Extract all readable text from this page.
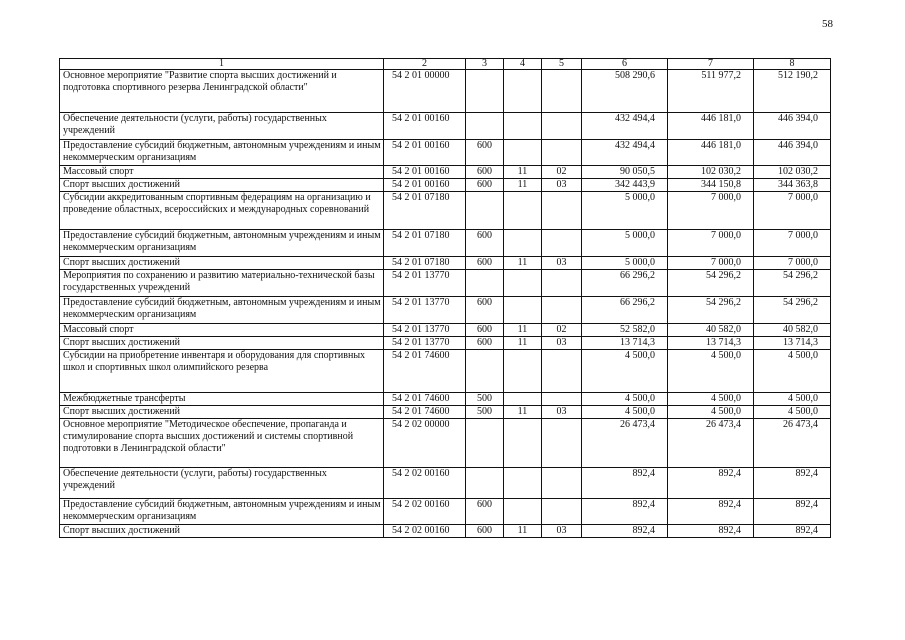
58
1	2	3	4	5	6	7	8
Основное мероприятие "Развитие спорта высших достижений и подготовка спортивного резерва Ленинградской области"	54 2 01 00000				508 290,6	511 977,2	512 190,2
Обеспечение деятельности (услуги, работы) государственных учреждений	54 2 01 00160				432 494,4	446 181,0	446 394,0
Предоставление субсидий бюджетным, автономным учреждениям и иным некоммерческим организациям	54 2 01 00160	600			432 494,4	446 181,0	446 394,0
Массовый спорт	54 2 01 00160	600	11	02	90 050,5	102 030,2	102 030,2
Спорт высших достижений	54 2 01 00160	600	11	03	342 443,9	344 150,8	344 363,8
Субсидии аккредитованным спортивным федерациям на организацию и проведение областных, всероссийских и международных соревнований	54 2 01 07180				5 000,0	7 000,0	7 000,0
Предоставление субсидий бюджетным, автономным учреждениям и иным некоммерческим организациям	54 2 01 07180	600			5 000,0	7 000,0	7 000,0
Спорт высших достижений	54 2 01 07180	600	11	03	5 000,0	7 000,0	7 000,0
Мероприятия по сохранению и развитию материально-технической базы государственных учреждений	54 2 01 13770				66 296,2	54 296,2	54 296,2
Предоставление субсидий бюджетным, автономным учреждениям и иным некоммерческим организациям	54 2 01 13770	600			66 296,2	54 296,2	54 296,2
Массовый спорт	54 2 01 13770	600	11	02	52 582,0	40 582,0	40 582,0
Спорт высших достижений	54 2 01 13770	600	11	03	13 714,3	13 714,3	13 714,3
Субсидии на приобретение инвентаря и оборудования для спортивных школ и спортивных школ олимпийского резерва	54 2 01 74600				4 500,0	4 500,0	4 500,0
Межбюджетные трансферты	54 2 01 74600	500			4 500,0	4 500,0	4 500,0
Спорт высших достижений	54 2 01 74600	500	11	03	4 500,0	4 500,0	4 500,0
Основное мероприятие "Методическое обеспечение, пропаганда и стимулирование спорта высших достижений и системы спортивной подготовки в Ленинградской области"	54 2 02 00000				26 473,4	26 473,4	26 473,4
Обеспечение деятельности (услуги, работы) государственных учреждений	54 2 02 00160				892,4	892,4	892,4
Предоставление субсидий бюджетным, автономным учреждениям и иным некоммерческим организациям	54 2 02 00160	600			892,4	892,4	892,4
Спорт высших достижений	54 2 02 00160	600	11	03	892,4	892,4	892,4
